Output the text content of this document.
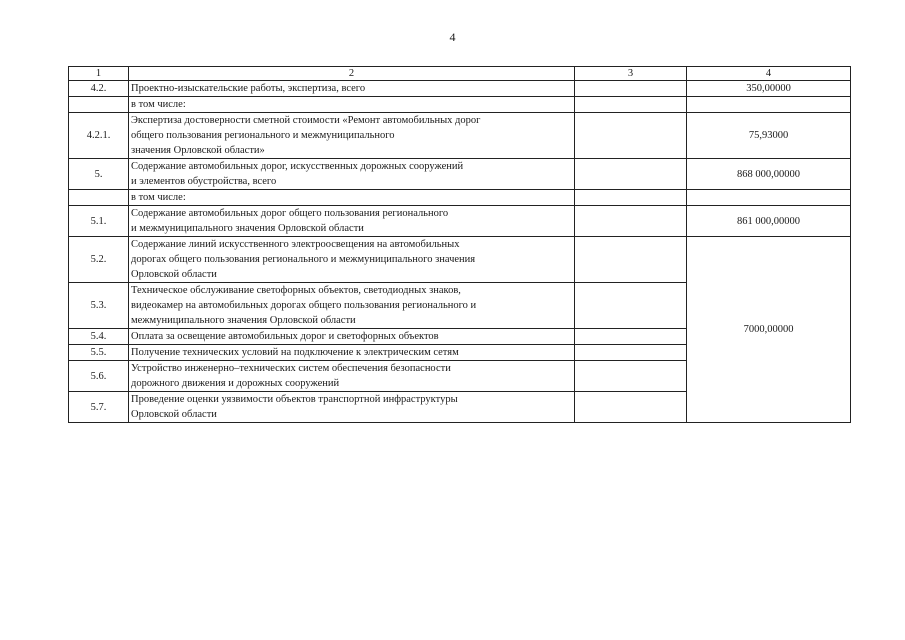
4
1	2	3	4
4.2.	Проектно-изыскательские работы, экспертиза, всего		350,00000

	в том числе:		

4.2.1.	Экспертиза достоверности сметной стоимости «Ремонт автомобильных дорог
общего пользования регионального и межмуниципального
значения Орловской области»		75,93000
5.	Содержание автомобильных дорог, искусственных дорожных сооружений
и элементов обустройства, всего		868 000,00000

	в том числе:		

5.1.	Содержание автомобильных дорог общего пользования регионального
и межмуниципального значения Орловской области		861 000,00000
5.2.	Содержание линий искусственного электроосвещения на автомобильных
дорогах общего пользования регионального и межмуниципального значения
Орловской области		7000,00000
5.3.	Техническое обслуживание светофорных объектов, светодиодных знаков,
видеокамер на автомобильных дорогах общего пользования регионального и
межмуниципального значения Орловской области		

5.4.	Оплата за освещение автомобильных дорог и светофорных объектов		

5.5.	Получение технических условий на подключение к электрическим сетям		

5.6.	Устройство инженерно–технических систем обеспечения безопасности
дорожного движения и дорожных сооружений		

5.7.	Проведение оценки уязвимости объектов транспортной инфраструктуры
Орловской области		
